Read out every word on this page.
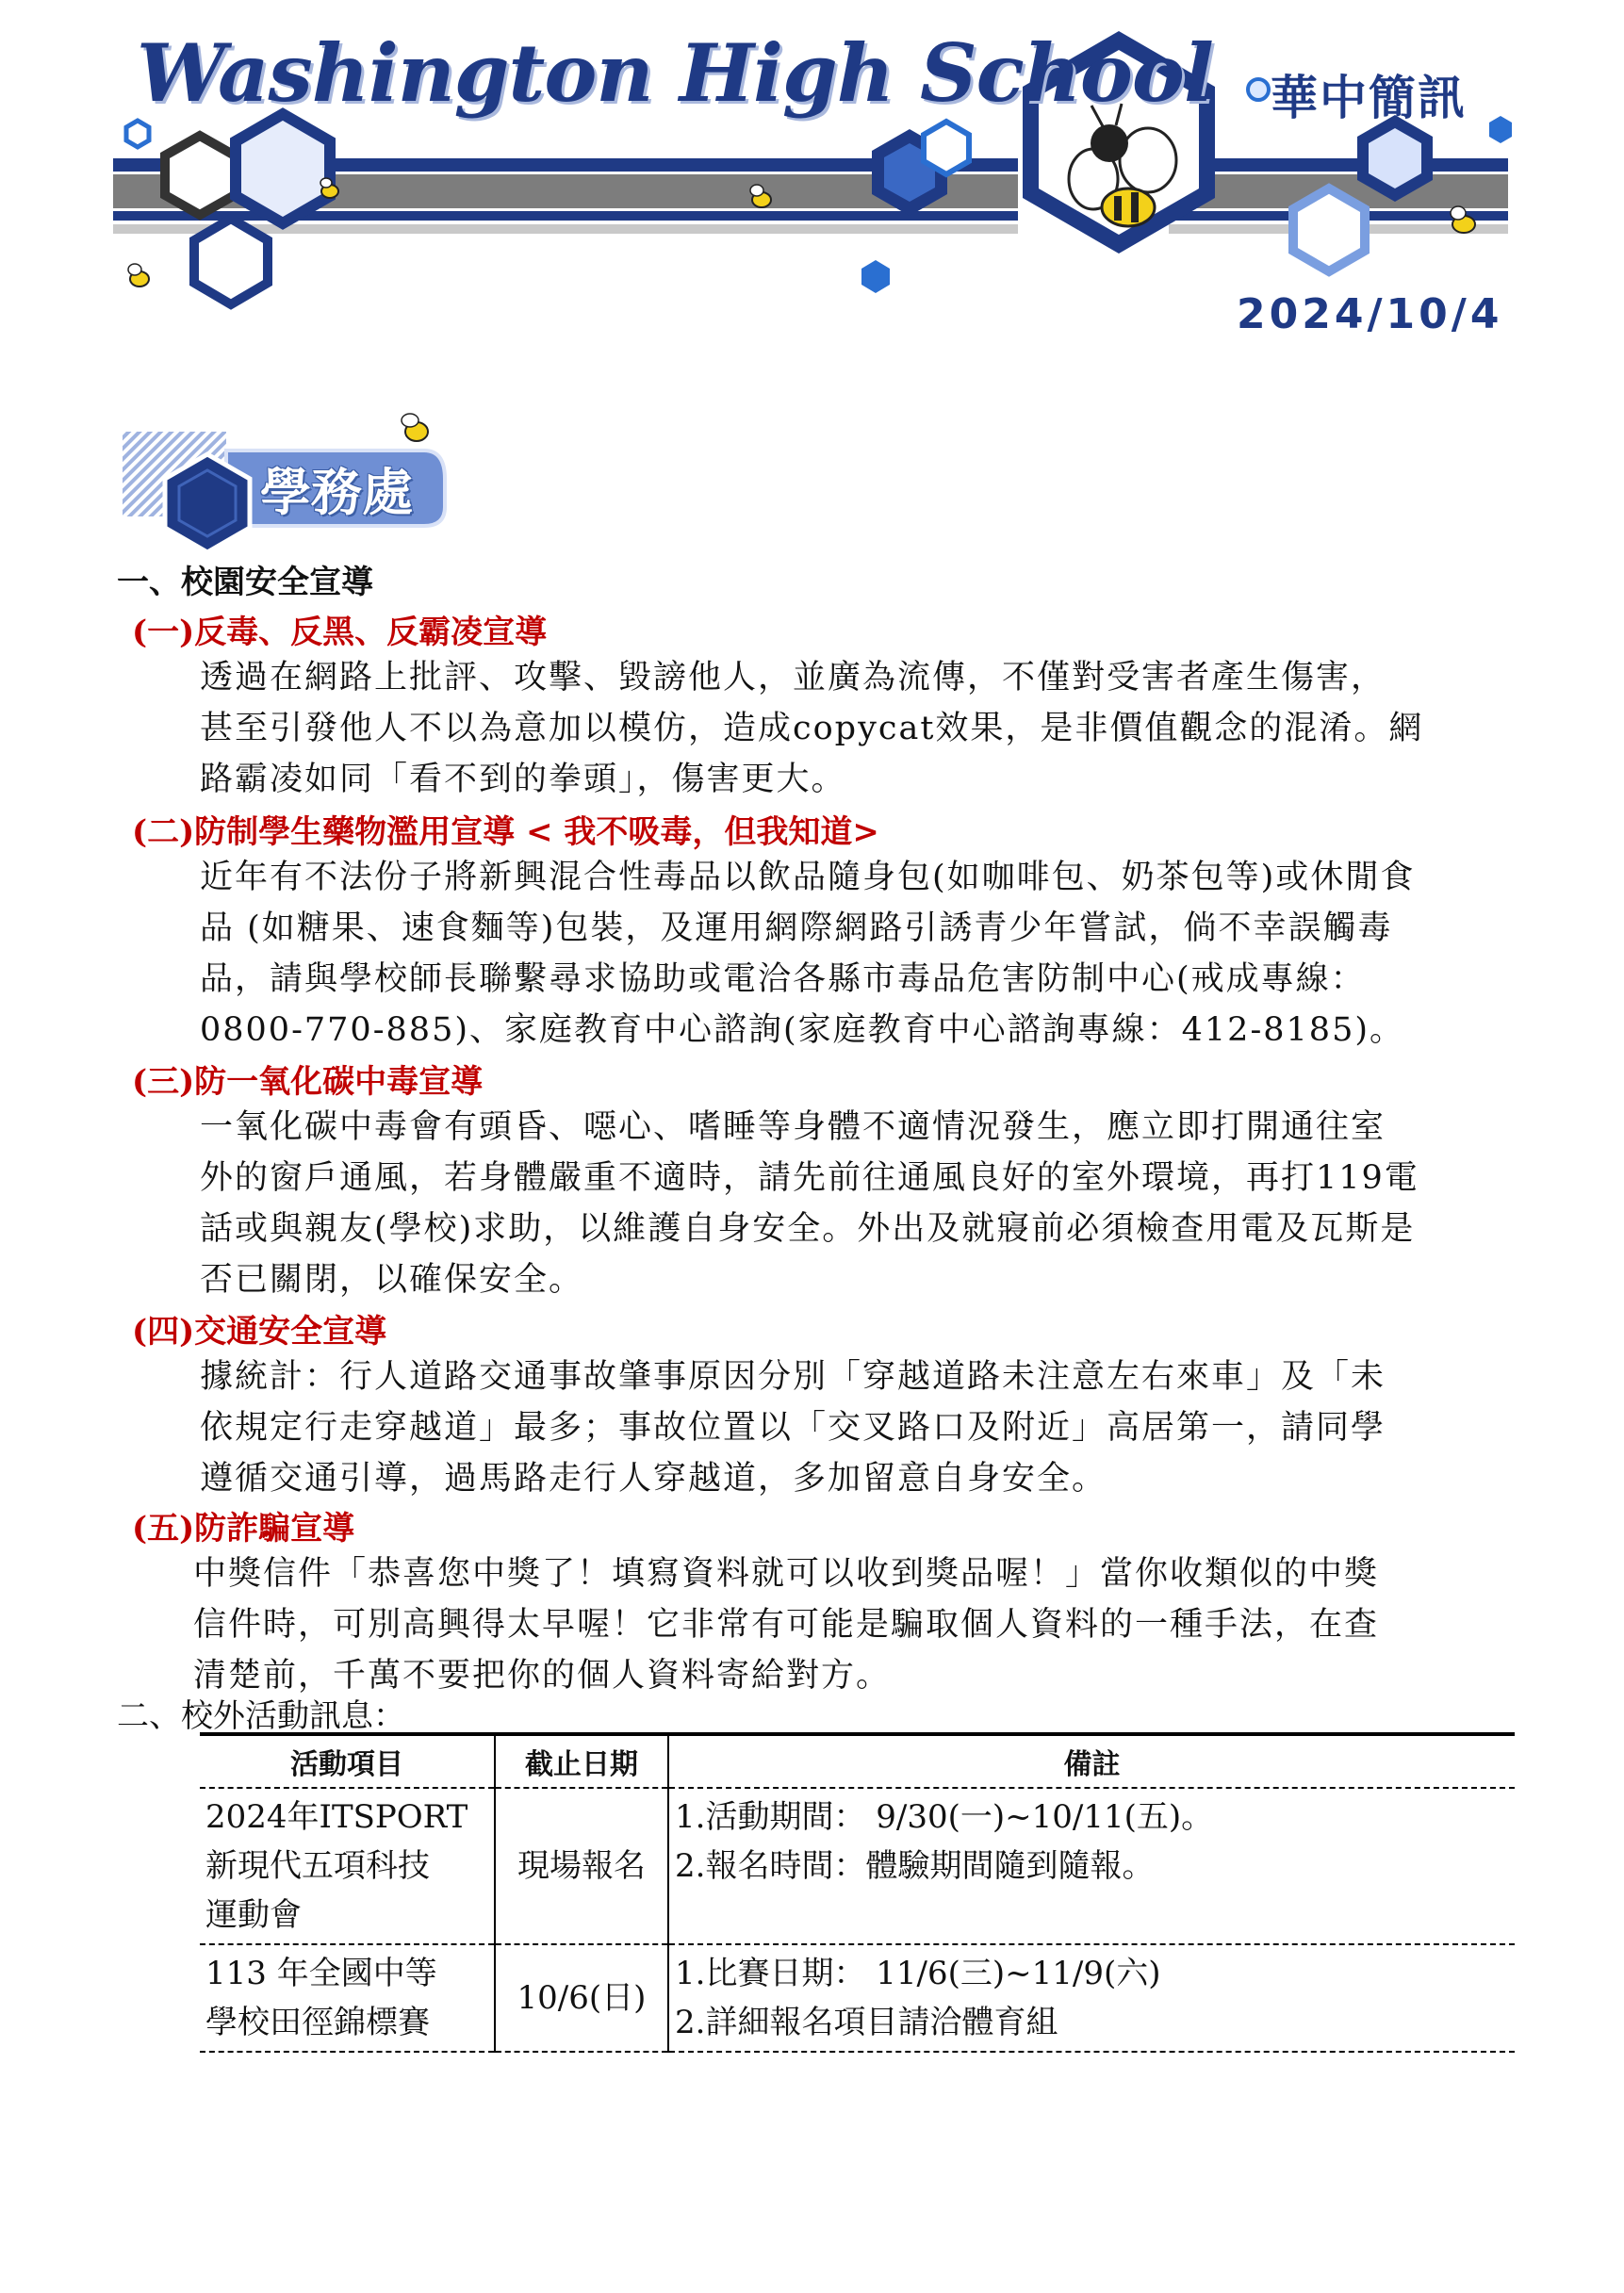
Washington High School 華中簡訊
2024/10/4
學務處
一、校園安全宣導
(一)反毒、反黑、反霸凌宣導
透過在網路上批評、攻擊、毀謗他人，並廣為流傳，不僅對受害者產生傷害，
甚至引發他人不以為意加以模仿，造成copycat效果，是非價值觀念的混淆。網
路霸凌如同「看不到的拳頭」，傷害更大。
(二)防制學生藥物濫用宣導 < 我不吸毒，但我知道>
近年有不法份子將新興混合性毒品以飲品隨身包(如咖啡包、奶茶包等)或休閒食
品 (如糖果、速食麵等)包裝，及運用網際網路引誘青少年嘗試，倘不幸誤觸毒
品，請與學校師長聯繫尋求協助或電洽各縣市毒品危害防制中心(戒成專線：
0800-770-885)、家庭教育中心諮詢(家庭教育中心諮詢專線：412-8185)。
(三)防一氧化碳中毒宣導
一氧化碳中毒會有頭昏、噁心、嗜睡等身體不適情況發生，應立即打開通往室
外的窗戶通風，若身體嚴重不適時，請先前往通風良好的室外環境，再打119電
話或與親友(學校)求助，以維護自身安全。外出及就寢前必須檢查用電及瓦斯是
否已關閉，以確保安全。
(四)交通安全宣導
據統計：行人道路交通事故肇事原因分別「穿越道路未注意左右來車」及「未
依規定行走穿越道」最多；事故位置以「交叉路口及附近」高居第一，請同學
遵循交通引導，過馬路走行人穿越道，多加留意自身安全。
(五)防詐騙宣導
中獎信件「恭喜您中獎了！填寫資料就可以收到獎品喔！」當你收類似的中獎
信件時，可別高興得太早喔！它非常有可能是騙取個人資料的一種手法，在查
清楚前，千萬不要把你的個人資料寄給對方。
二、校外活動訊息：
活動項目	截止日期	備註

2024年ITSPORT
新現代五項科技
運動會	現場報名	1.活動期間： 9/30(一)~10/11(五)。
2.報名時間：體驗期間隨到隨報。

113 年全國中等
學校田徑錦標賽	10/6(日)	1.比賽日期： 11/6(三)~11/9(六)
2.詳細報名項目請洽體育組
